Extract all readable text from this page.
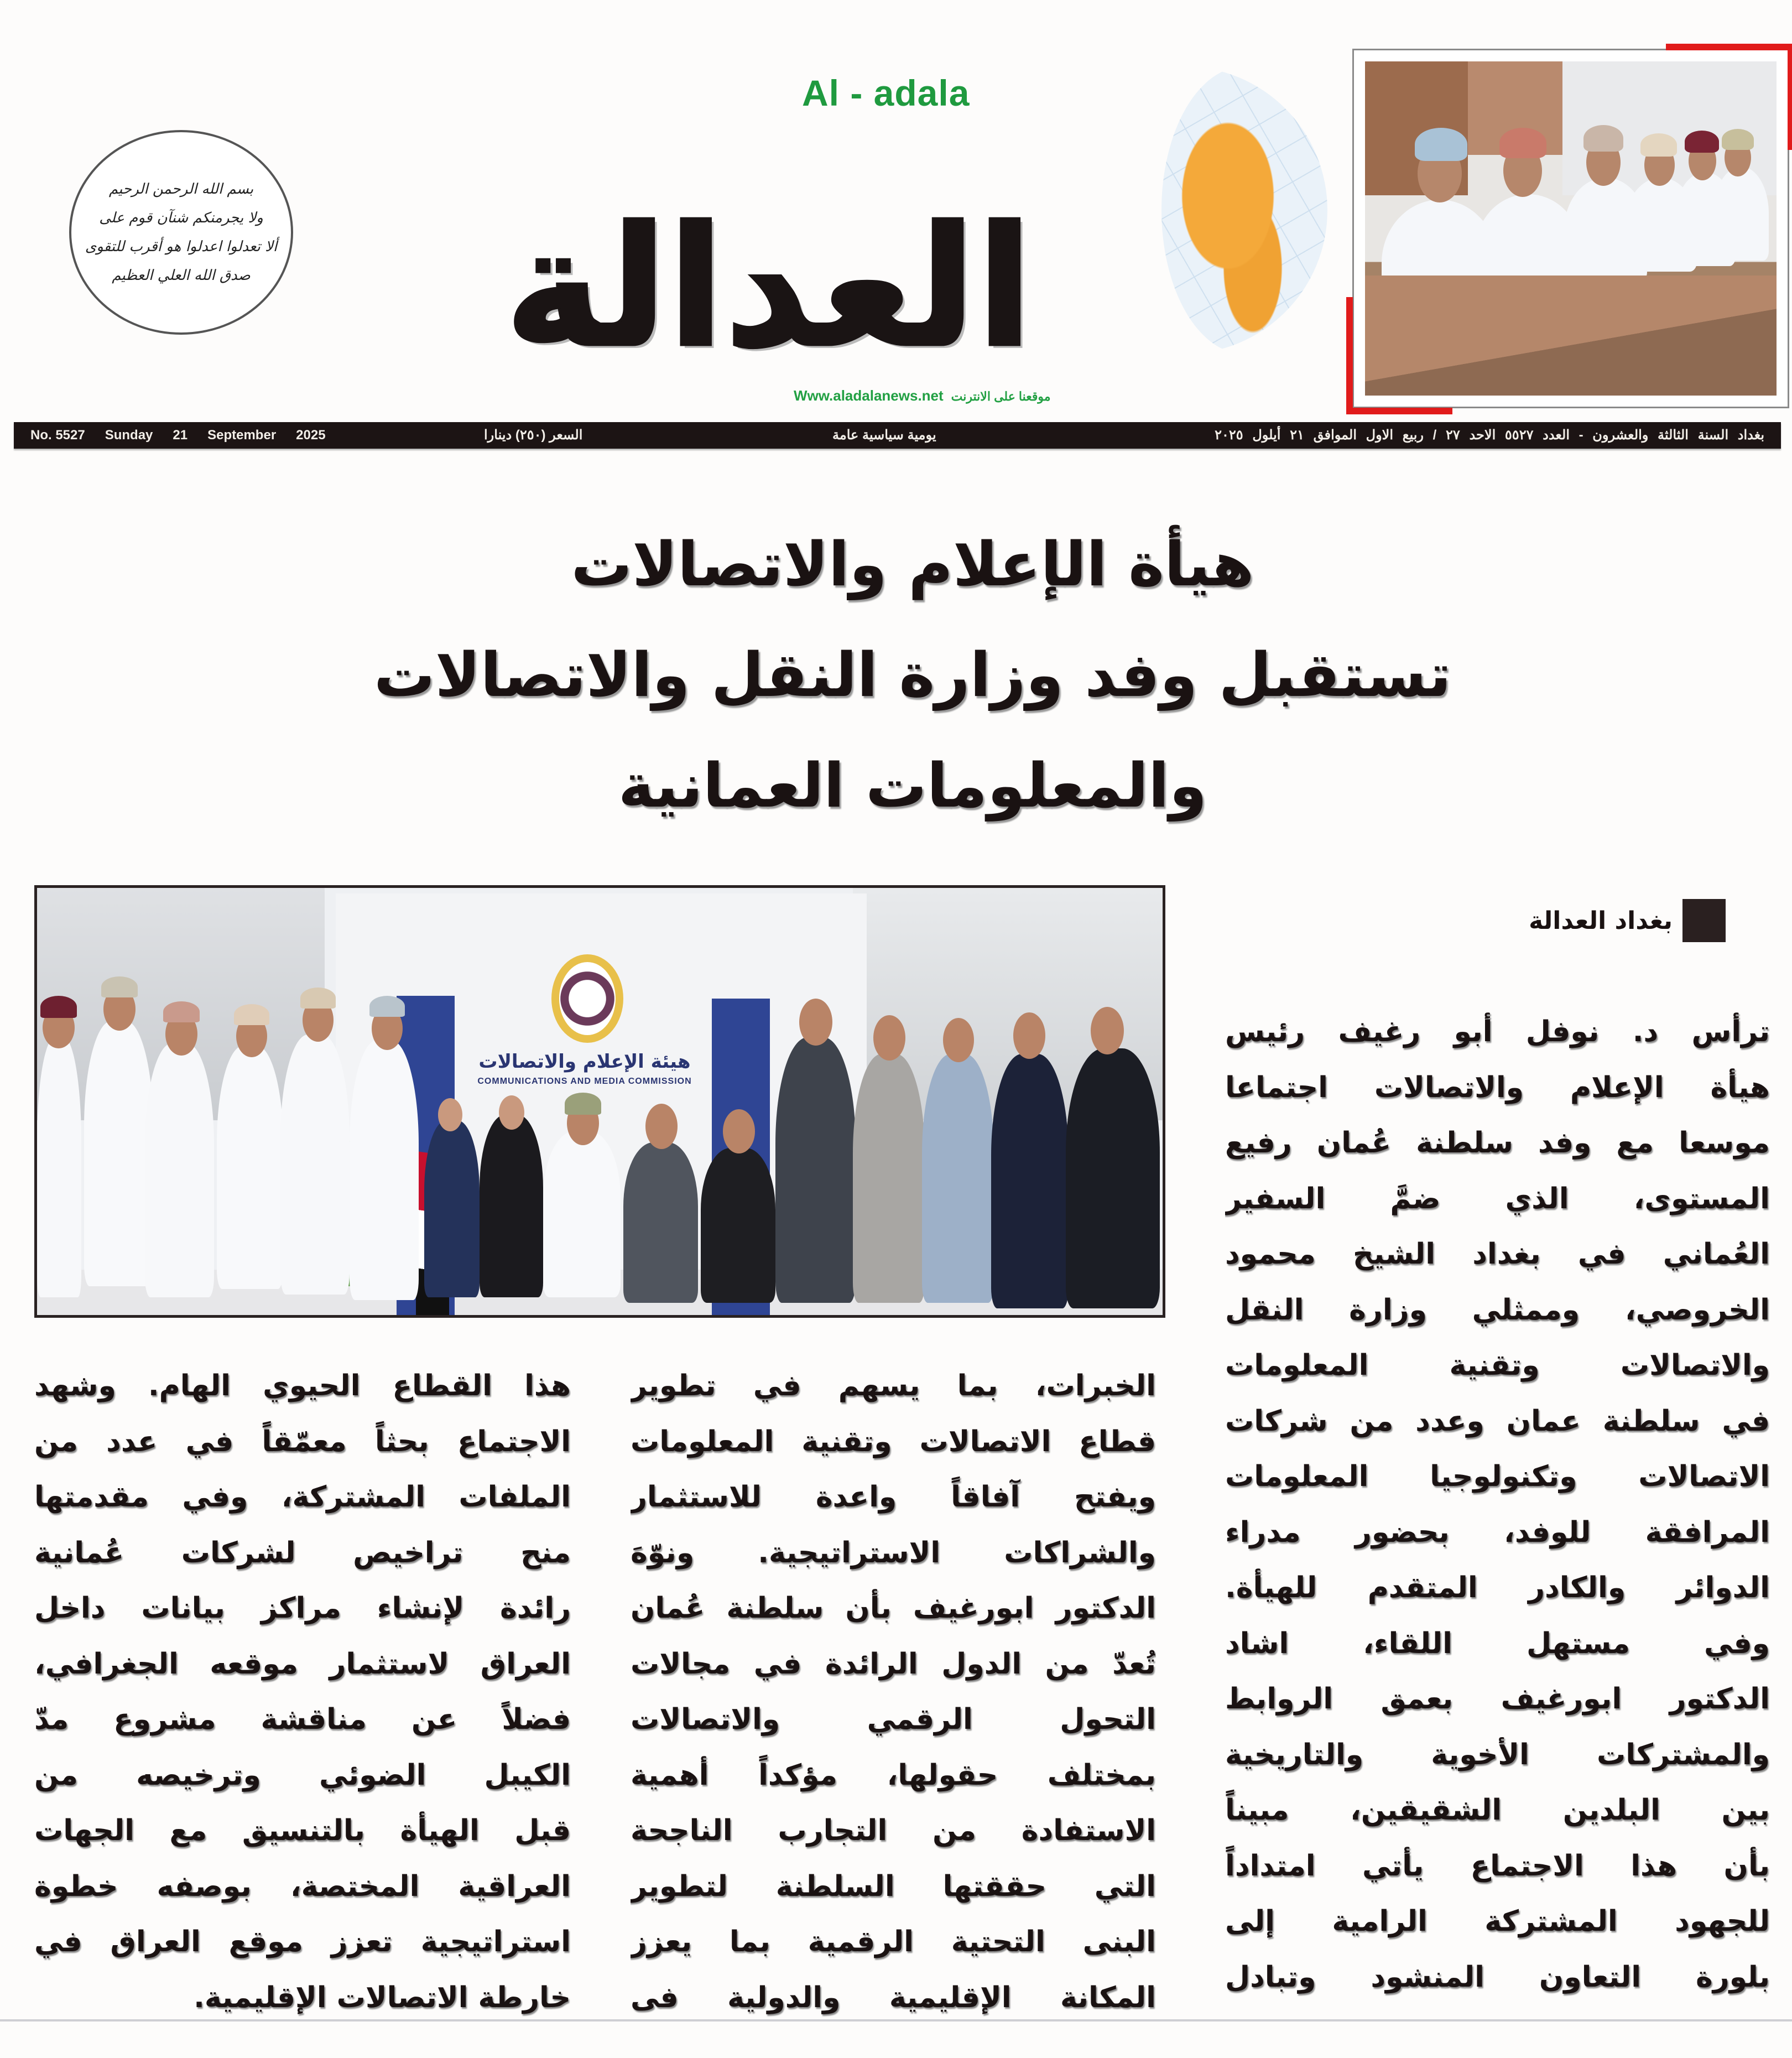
بسم الله الرحمن الرحيم
ولا يجرمنكم شنآن قوم على
ألا تعدلوا اعدلوا هو أقرب للتقوى
صدق الله العلي العظيم	العدالة
Al - adala
Www.aladalanews.net موقعنا على الانترنت
No. 5527 Sunday 21 September 2025	السعر (٢٥٠) دينارا	يومية سياسية عامة	بغداد السنة الثالثة والعشرون - العدد ٥٥٢٧ الاحد ٢٧ / ربيع الاول الموافق ٢١ أيلول ٢٠٢٥
هيأة الإعلام والاتصالات
تستقبل وفد وزارة النقل والاتصالات
والمعلومات العمانية
هيئة الإعلام والاتصالات
COMMUNICATIONS AND MEDIA COMMISSION
بغداد العدالة

ترأس د. نوفل أبو رغيف رئيس

هيأة الإعلام والاتصالات اجتماعا

موسعا مع وفد سلطنة عُمان رفيع

المستوى، الذي ضمَّ السفير

العُماني في بغداد الشيخ محمود

الخروصي، وممثلي وزارة النقل

والاتصالات وتقنية المعلومات

في سلطنة عمان وعدد من شركات

الاتصالات وتكنولوجيا المعلومات

المرافقة للوفد، بحضور مدراء

الدوائر والكادر المتقدم للهيأة.

وفي مستهل اللقاء، اشاد

الدكتور ابورغيف بعمق الروابط

والمشتركات الأخوية والتاريخية

بين البلدين الشقيقين، مبيناً

بأن هذا الاجتماع يأتي امتداداً

للجهود المشتركة الرامية إلى

بلورة التعاون المنشود وتبادل

الخبرات، بما يسهم في تطوير

قطاع الاتصالات وتقنية المعلومات

ويفتح آفاقاً واعدة للاستثمار

والشراكات الاستراتيجية. ونوّهَ

الدكتور ابورغيف بأن سلطنة عُمان

تُعدّ من الدول الرائدة في مجالات

التحول الرقمي والاتصالات

بمختلف حقولها، مؤكداً أهمية

الاستفادة من التجارب الناجحة

التي حققتها السلطنة لتطوير

البنى التحتية الرقمية بما يعزز

المكانة الإقليمية والدولية فى

هذا القطاع الحيوي الهام. وشهد

الاجتماع بحثاً معمّقاً في عدد من

الملفات المشتركة، وفي مقدمتها

منح تراخيص لشركات عُمانية

رائدة لإنشاء مراكز بيانات داخل

العراق لاستثمار موقعه الجغرافي،

فضلاً عن مناقشة مشروع مدّ

الكيبل الضوئي وترخيصه من

قبل الهيأة بالتنسيق مع الجهات

العراقية المختصة، بوصفه خطوة

استراتيجية تعزز موقع العراق في

خارطة الاتصالات الإقليمية.
